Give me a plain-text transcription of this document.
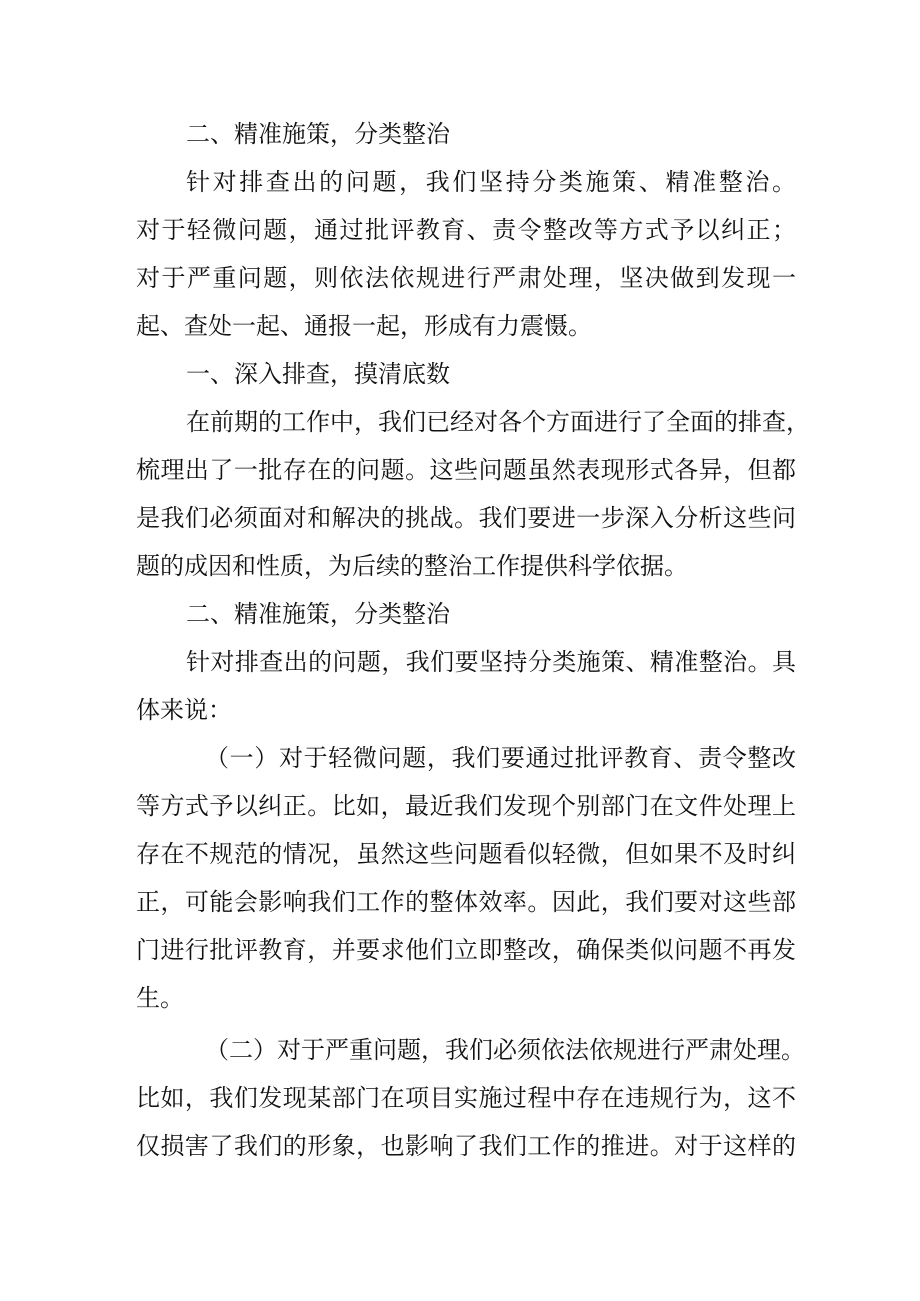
二、精准施策，分类整治
针对排查出的问题，我们坚持分类施策、精准整治。
对于轻微问题，通过批评教育、责令整改等方式予以纠正；
对于严重问题，则依法依规进行严肃处理，坚决做到发现一
起、查处一起、通报一起，形成有力震慑。
一、深入排查，摸清底数
在前期的工作中，我们已经对各个方面进行了全面的排查，
梳理出了一批存在的问题。这些问题虽然表现形式各异，但都
是我们必须面对和解决的挑战。我们要进一步深入分析这些问
题的成因和性质，为后续的整治工作提供科学依据。
二、精准施策，分类整治
针对排查出的问题，我们要坚持分类施策、精准整治。具
体来说：
（一）对于轻微问题，我们要通过批评教育、责令整改
等方式予以纠正。比如，最近我们发现个别部门在文件处理上
存在不规范的情况，虽然这些问题看似轻微，但如果不及时纠
正，可能会影响我们工作的整体效率。因此，我们要对这些部
门进行批评教育，并要求他们立即整改，确保类似问题不再发
生。
（二）对于严重问题，我们必须依法依规进行严肃处理。
比如，我们发现某部门在项目实施过程中存在违规行为，这不
仅损害了我们的形象，也影响了我们工作的推进。对于这样的
